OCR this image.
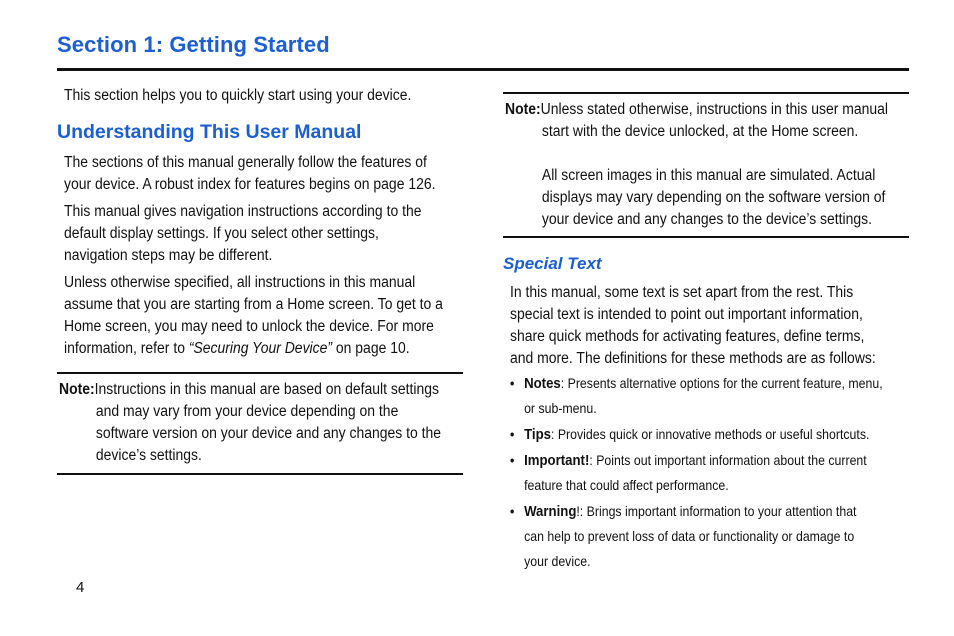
Section 1: Getting Started

This section helps you to quickly start using your device.

Understanding This User Manual
The sections of this manual generally follow the features of
your device. A robust index for features begins on page 126.
This manual gives navigation instructions according to the
default display settings. If you select other settings,
navigation steps may be different.
Unless otherwise specified, all instructions in this manual
assume that you are starting from a Home screen. To get to a
Home screen, you may need to unlock the device. For more
information, refer to “Securing Your Device” on page 10.
Note:Instructions in this manual are based on default settings
and may vary from your device depending on the
software version on your device and any changes to the
device’s settings.
Note:Unless stated otherwise, instructions in this user manual
start with the device unlocked, at the Home screen.
All screen images in this manual are simulated. Actual
displays may vary depending on the software version of
your device and any changes to the device’s settings.
Special Text
In this manual, some text is set apart from the rest. This
special text is intended to point out important information,
share quick methods for activating features, define terms,
and more. The definitions for these methods are as follows:
• Notes: Presents alternative options for the current feature, menu,
or sub-menu.
• Tips: Provides quick or innovative methods or useful shortcuts.
• Important!: Points out important information about the current
feature that could affect performance.
• Warning!: Brings important information to your attention that
can help to prevent loss of data or functionality or damage to
your device.

4
